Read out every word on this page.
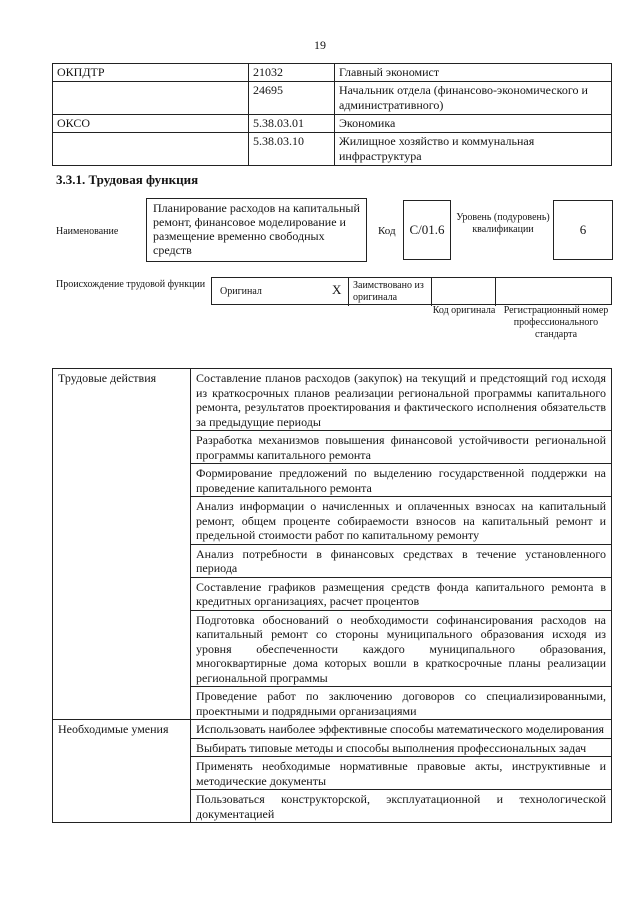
19
ОКПДТР	21032	Главный экономист
	24695	Начальник отдела (финансово-экономического и административного)
ОКСО	5.38.03.01	Экономика
	5.38.03.10	Жилищное хозяйство и коммунальная инфраструктура
3.3.1. Трудовая функция
Наименование
Планирование расходов на капитальный ремонт, финансовое моделирование и размещение временно свободных средств
Код	С/01.6
Уровень (подуровень) квалификации	6
Происхождение трудовой функции
Оригинал	X Заимствовано из оригинала
Код оригинала Регистрационный номер профессионального стандарта
Трудовые действия	Составление планов расходов (закупок) на текущий и предстоящий год исходя из краткосрочных планов реализации региональной программы капитального ремонта, результатов проектирования и фактического исполнения обязательств за предыдущие периоды
	Разработка механизмов повышения финансовой устойчивости региональной программы капитального ремонта
	Формирование предложений по выделению государственной поддержки на проведение капитального ремонта
	Анализ информации о начисленных и оплаченных взносах на капитальный ремонт, общем проценте собираемости взносов на капитальный ремонт и предельной стоимости работ по капитальному ремонту
	Анализ потребности в финансовых средствах в течение установленного периода
	Составление графиков размещения средств фонда капитального ремонта в кредитных организациях, расчет процентов
	Подготовка обоснований о необходимости софинансирования расходов на капитальный ремонт со стороны муниципального образования исходя из уровня обеспеченности каждого муниципального образования, многоквартирные дома которых вошли в краткосрочные планы реализации региональной программы
	Проведение работ по заключению договоров со специализированными, проектными и подрядными организациями
Необходимые умения	Использовать наиболее эффективные способы математического моделирования
	Выбирать типовые методы и способы выполнения профессиональных задач
	Применять необходимые нормативные правовые акты, инструктивные и методические документы
	Пользоваться конструкторской, эксплуатационной и технологической документацией
